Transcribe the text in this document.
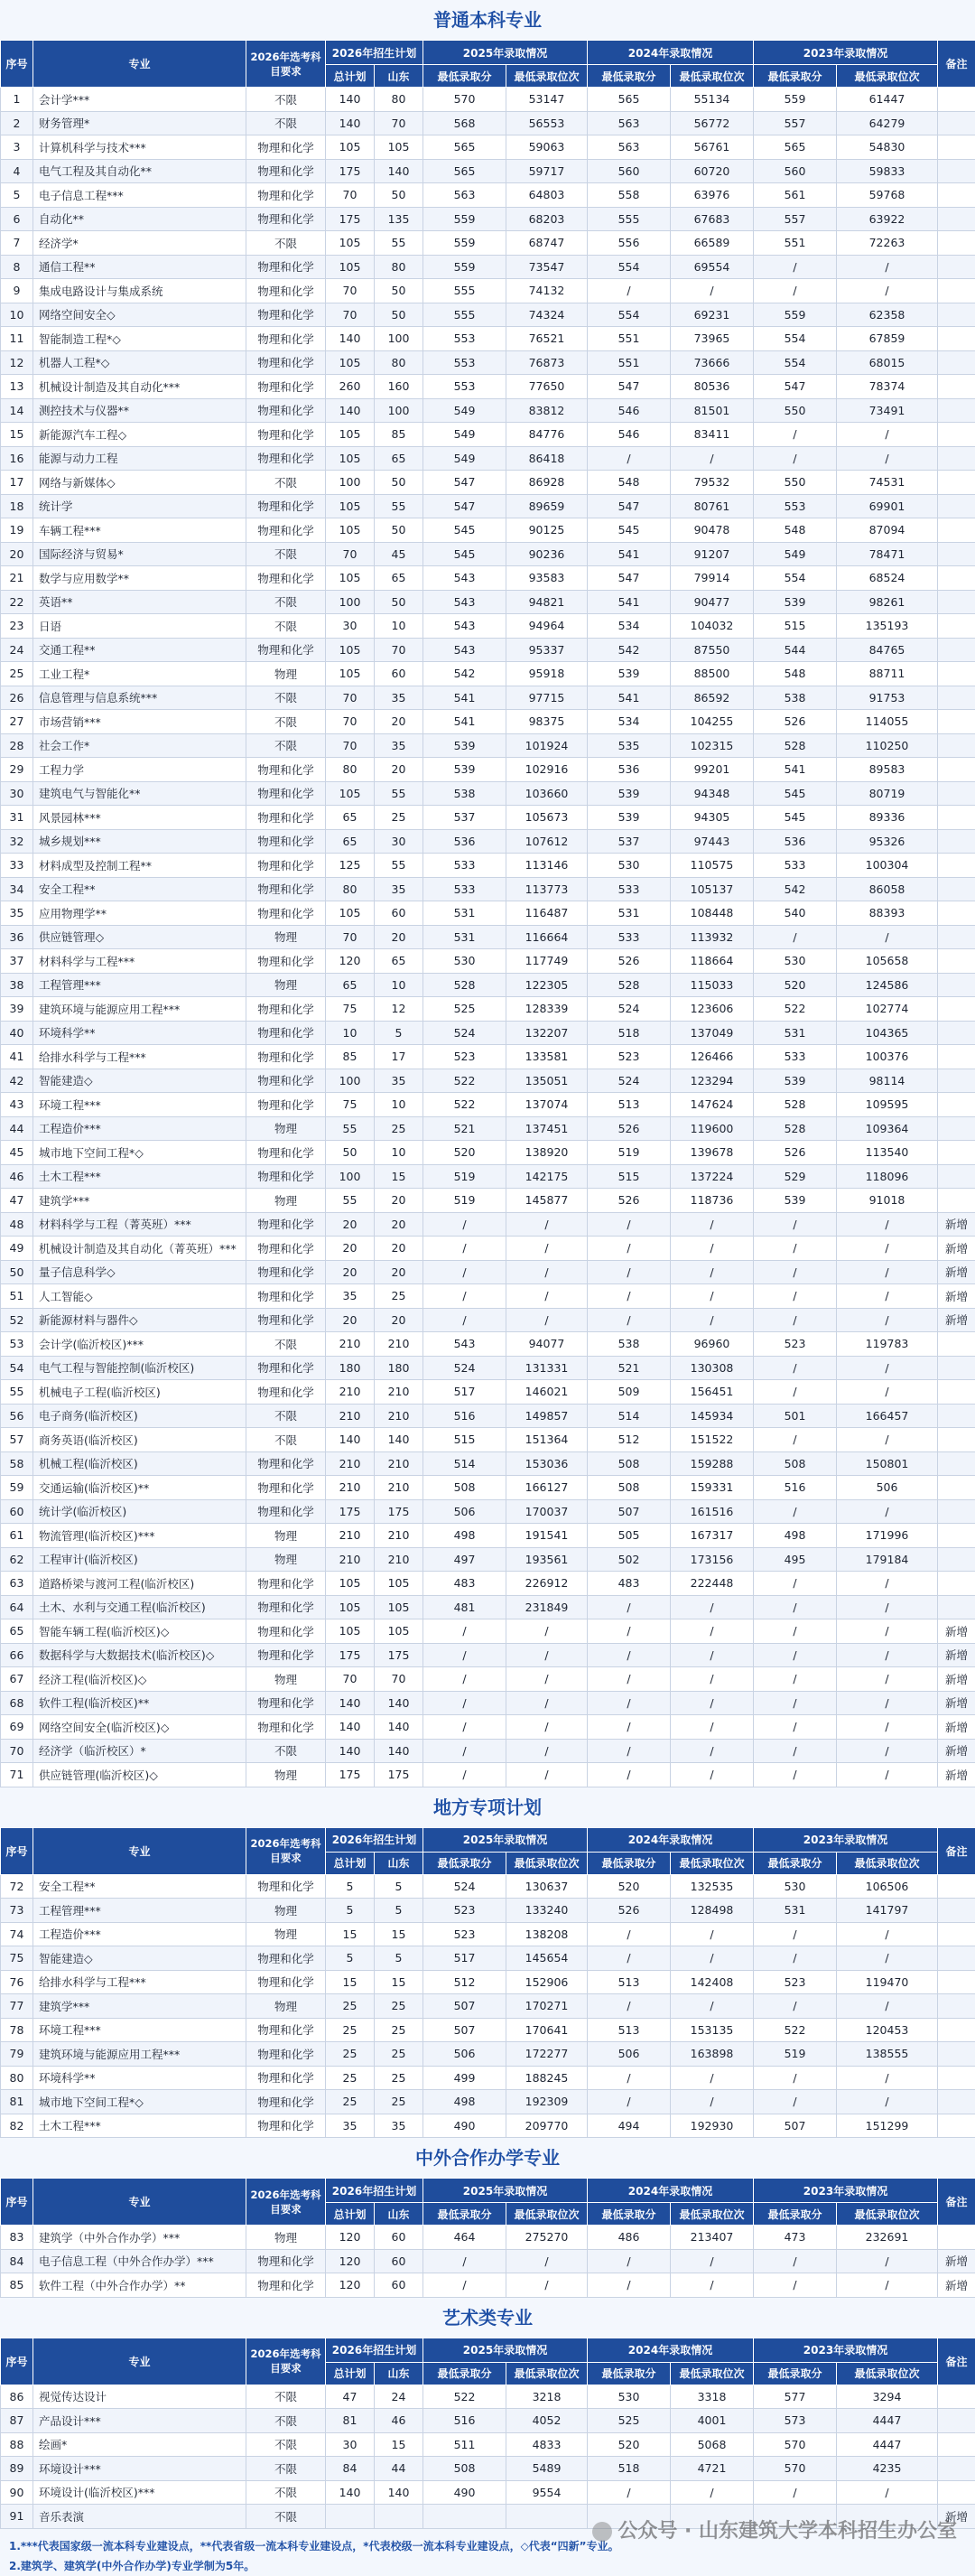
普通本科专业
序号	专业	2026年选考科目要求	2026年招生计划		2025年录取情况		2024年录取情况		2023年录取情况		备注
			总计划	山东	最低录取分	最低录取位次	最低录取分	最低录取位次	最低录取分	最低录取位次	
1	会计学***	不限	140	80	570	53147	565	55134	559	61447	
2	财务管理*	不限	140	70	568	56553	563	56772	557	64279	
3	计算机科学与技术***	物理和化学	105	105	565	59063	563	56761	565	54830	
4	电气工程及其自动化**	物理和化学	175	140	565	59717	560	60720	560	59833	
5	电子信息工程***	物理和化学	70	50	563	64803	558	63976	561	59768	
6	自动化**	物理和化学	175	135	559	68203	555	67683	557	63922	
7	经济学*	不限	105	55	559	68747	556	66589	551	72263	
8	通信工程**	物理和化学	105	80	559	73547	554	69554	/	/	
9	集成电路设计与集成系统	物理和化学	70	50	555	74132	/	/	/	/	
10	网络空间安全◇	物理和化学	70	50	555	74324	554	69231	559	62358	
11	智能制造工程*◇	物理和化学	140	100	553	76521	551	73965	554	67859	
12	机器人工程*◇	物理和化学	105	80	553	76873	551	73666	554	68015	
13	机械设计制造及其自动化***	物理和化学	260	160	553	77650	547	80536	547	78374	
14	测控技术与仪器**	物理和化学	140	100	549	83812	546	81501	550	73491	
15	新能源汽车工程◇	物理和化学	105	85	549	84776	546	83411	/	/	
16	能源与动力工程	物理和化学	105	65	549	86418	/	/	/	/	
17	网络与新媒体◇	不限	100	50	547	86928	548	79532	550	74531	
18	统计学	物理和化学	105	55	547	89659	547	80761	553	69901	
19	车辆工程***	物理和化学	105	50	545	90125	545	90478	548	87094	
20	国际经济与贸易*	不限	70	45	545	90236	541	91207	549	78471	
21	数学与应用数学**	物理和化学	105	65	543	93583	547	79914	554	68524	
22	英语**	不限	100	50	543	94821	541	90477	539	98261	
23	日语	不限	30	10	543	94964	534	104032	515	135193	
24	交通工程**	物理和化学	105	70	543	95337	542	87550	544	84765	
25	工业工程*	物理	105	60	542	95918	539	88500	548	88711	
26	信息管理与信息系统***	不限	70	35	541	97715	541	86592	538	91753	
27	市场营销***	不限	70	20	541	98375	534	104255	526	114055	
28	社会工作*	不限	70	35	539	101924	535	102315	528	110250	
29	工程力学	物理和化学	80	20	539	102916	536	99201	541	89583	
30	建筑电气与智能化**	物理和化学	105	55	538	103660	539	94348	545	80719	
31	风景园林***	物理和化学	65	25	537	105673	539	94305	545	89336	
32	城乡规划***	物理和化学	65	30	536	107612	537	97443	536	95326	
33	材料成型及控制工程**	物理和化学	125	55	533	113146	530	110575	533	100304	
34	安全工程**	物理和化学	80	35	533	113773	533	105137	542	86058	
35	应用物理学**	物理和化学	105	60	531	116487	531	108448	540	88393	
36	供应链管理◇	物理	70	20	531	116664	533	113932	/	/	
37	材料科学与工程***	物理和化学	120	65	530	117749	526	118664	530	105658	
38	工程管理***	物理	65	10	528	122305	528	115033	520	124586	
39	建筑环境与能源应用工程***	物理和化学	75	12	525	128339	524	123606	522	102774	
40	环境科学**	物理和化学	10	5	524	132207	518	137049	531	104365	
41	给排水科学与工程***	物理和化学	85	17	523	133581	523	126466	533	100376	
42	智能建造◇	物理和化学	100	35	522	135051	524	123294	539	98114	
43	环境工程***	物理和化学	75	10	522	137074	513	147624	528	109595	
44	工程造价***	物理	55	25	521	137451	526	119600	528	109364	
45	城市地下空间工程*◇	物理和化学	50	10	520	138920	519	139678	526	113540	
46	土木工程***	物理和化学	100	15	519	142175	515	137224	529	118096	
47	建筑学***	物理	55	20	519	145877	526	118736	539	91018	
48	材料科学与工程（菁英班）***	物理和化学	20	20	/	/	/	/	/	/	新增
49	机械设计制造及其自动化（菁英班）***	物理和化学	20	20	/	/	/	/	/	/	新增
50	量子信息科学◇	物理和化学	20	20	/	/	/	/	/	/	新增
51	人工智能◇	物理和化学	35	25	/	/	/	/	/	/	新增
52	新能源材料与器件◇	物理和化学	20	20	/	/	/	/	/	/	新增
53	会计学(临沂校区)***	不限	210	210	543	94077	538	96960	523	119783	
54	电气工程与智能控制(临沂校区)	物理和化学	180	180	524	131331	521	130308	/	/	
55	机械电子工程(临沂校区)	物理和化学	210	210	517	146021	509	156451	/	/	
56	电子商务(临沂校区)	不限	210	210	516	149857	514	145934	501	166457	
57	商务英语(临沂校区)	不限	140	140	515	151364	512	151522	/	/	
58	机械工程(临沂校区)	物理和化学	210	210	514	153036	508	159288	508	150801	
59	交通运输(临沂校区)**	物理和化学	210	210	508	166127	508	159331	516	506	
60	统计学(临沂校区)	物理和化学	175	175	506	170037	507	161516	/	/	
61	物流管理(临沂校区)***	物理	210	210	498	191541	505	167317	498	171996	
62	工程审计(临沂校区)	物理	210	210	497	193561	502	173156	495	179184	
63	道路桥梁与渡河工程(临沂校区)	物理和化学	105	105	483	226912	483	222448	/	/	
64	土木、水利与交通工程(临沂校区)	物理和化学	105	105	481	231849	/	/	/	/	
65	智能车辆工程(临沂校区)◇	物理和化学	105	105	/	/	/	/	/	/	新增
66	数据科学与大数据技术(临沂校区)◇	物理和化学	175	175	/	/	/	/	/	/	新增
67	经济工程(临沂校区)◇	物理	70	70	/	/	/	/	/	/	新增
68	软件工程(临沂校区)**	物理和化学	140	140	/	/	/	/	/	/	新增
69	网络空间安全(临沂校区)◇	物理和化学	140	140	/	/	/	/	/	/	新增
70	经济学（临沂校区）*	不限	140	140	/	/	/	/	/	/	新增
71	供应链管理(临沂校区)◇	物理	175	175	/	/	/	/	/	/	新增
地方专项计划
序号	专业	2026年选考科目要求	2026年招生计划		2025年录取情况		2024年录取情况		2023年录取情况		备注
			总计划	山东	最低录取分	最低录取位次	最低录取分	最低录取位次	最低录取分	最低录取位次	
72	安全工程**	物理和化学	5	5	524	130637	520	132535	530	106506	
73	工程管理***	物理	5	5	523	133240	526	128498	531	141797	
74	工程造价***	物理	15	15	523	138208	/	/	/	/	
75	智能建造◇	物理和化学	5	5	517	145654	/	/	/	/	
76	给排水科学与工程***	物理和化学	15	15	512	152906	513	142408	523	119470	
77	建筑学***	物理	25	25	507	170271	/	/	/	/	
78	环境工程***	物理和化学	25	25	507	170641	513	153135	522	120453	
79	建筑环境与能源应用工程***	物理和化学	25	25	506	172277	506	163898	519	138555	
80	环境科学**	物理和化学	25	25	499	188245	/	/	/	/	
81	城市地下空间工程*◇	物理和化学	25	25	498	192309	/	/	/	/	
82	土木工程***	物理和化学	35	35	490	209770	494	192930	507	151299	
中外合作办学专业
序号	专业	2026年选考科目要求	2026年招生计划		2025年录取情况		2024年录取情况		2023年录取情况		备注
			总计划	山东	最低录取分	最低录取位次	最低录取分	最低录取位次	最低录取分	最低录取位次	
83	建筑学（中外合作办学）***	物理	120	60	464	275270	486	213407	473	232691	
84	电子信息工程（中外合作办学）***	物理和化学	120	60	/	/	/	/	/	/	新增
85	软件工程（中外合作办学）**	物理和化学	120	60	/	/	/	/	/	/	新增
艺术类专业
序号	专业	2026年选考科目要求	2026年招生计划		2025年录取情况		2024年录取情况		2023年录取情况		备注
			总计划	山东	最低录取分	最低录取位次	最低录取分	最低录取位次	最低录取分	最低录取位次	
86	视觉传达设计	不限	47	24	522	3218	530	3318	577	3294	
87	产品设计***	不限	81	46	516	4052	525	4001	573	4447	
88	绘画*	不限	30	15	511	4833	520	5068	570	4447	
89	环境设计***	不限	84	44	508	5489	518	4721	570	4235	
90	环境设计(临沂校区)***	不限	140	140	490	9554	/	/	/	/	
91	音乐表演	不限									新增
1.***代表国家级一流本科专业建设点，**代表省级一流本科专业建设点，*代表校级一流本科专业建设点，◇代表“四新”专业。
2.建筑学、建筑学(中外合作办学)专业学制为5年。
公众号 · 山东建筑大学本科招生办公室
